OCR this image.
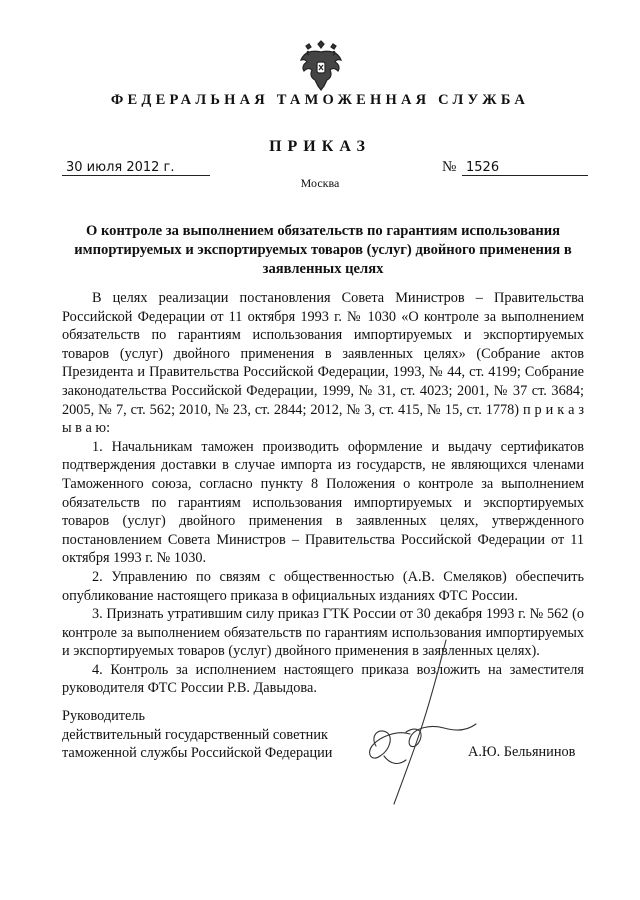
ФЕДЕРАЛЬНАЯ ТАМОЖЕННАЯ СЛУЖБА
ПРИКАЗ
30 июля 2012 г.	№ 1526
Москва
О контроле за выполнением обязательств по гарантиям использования импортируемых и экспортируемых товаров (услуг) двойного применения в заявленных целях

В целях реализации постановления Совета Министров – Правительства Российской Федерации от 11 октября 1993 г. № 1030 «О контроле за выполнением обязательств по гарантиям использования импортируемых и экспортируемых товаров (услуг) двойного применения в заявленных целях» (Собрание актов Президента и Правительства Российской Федерации, 1993, № 44, ст. 4199; Собрание законодательства Российской Федерации, 1999, № 31, ст. 4023; 2001, № 37 ст. 3684; 2005, № 7, ст. 562; 2010, № 23, ст. 2844; 2012, № 3, ст. 415, № 15, ст. 1778) п р и к а з ы в а ю:

1. Начальникам таможен производить оформление и выдачу сертификатов подтверждения доставки в случае импорта из государств, не являющихся членами Таможенного союза, согласно пункту 8 Положения о контроле за выполнением обязательств по гарантиям использования импортируемых и экспортируемых товаров (услуг) двойного применения в заявленных целях, утвержденного постановлением Совета Министров – Правительства Российской Федерации от 11 октября 1993 г. № 1030.

2. Управлению по связям с общественностью (А.В. Смеляков) обеспечить опубликование настоящего приказа в официальных изданиях ФТС России.

3. Признать утратившим силу приказ ГТК России от 30 декабря 1993 г. № 562 (о контроле за выполнением обязательств по гарантиям использования импортируемых и экспортируемых товаров (услуг) двойного применения в заявленных целях).

4. Контроль за исполнением настоящего приказа возложить на заместителя руководителя ФТС России Р.В. Давыдова.

Руководитель
действительный государственный советник
таможенной службы Российской Федерации	А.Ю. Бельянинов
